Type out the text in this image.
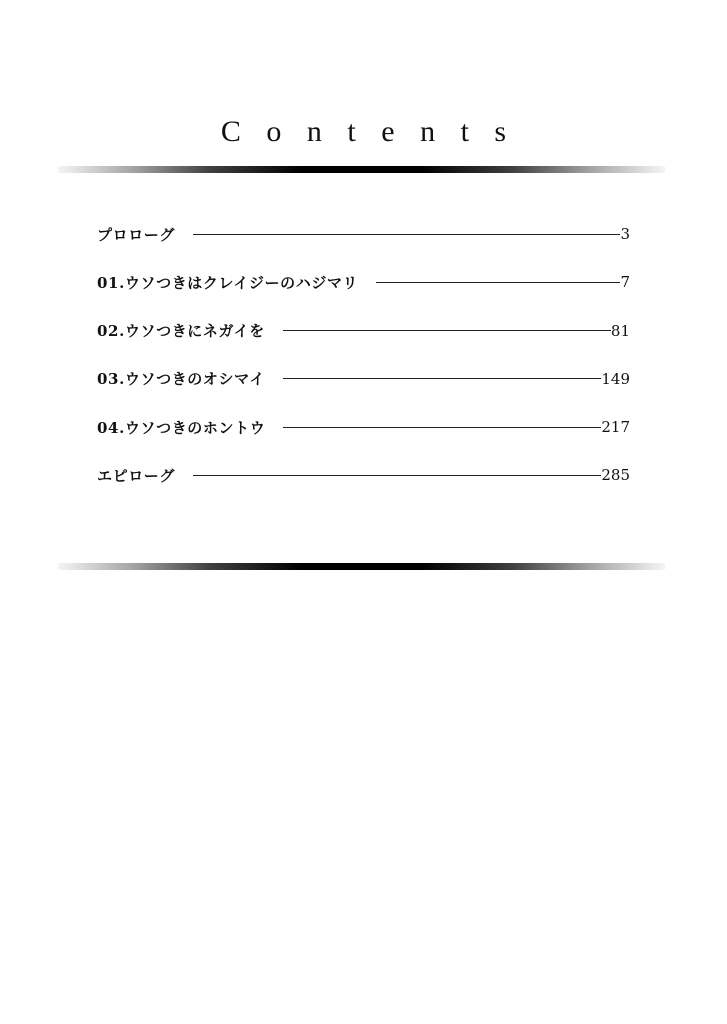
Contents
プロローグ	3
01.ウソつきはクレイジーのハジマリ	7
02.ウソつきにネガイを	81
03.ウソつきのオシマイ	149
04.ウソつきのホントウ	217
エピローグ	285
